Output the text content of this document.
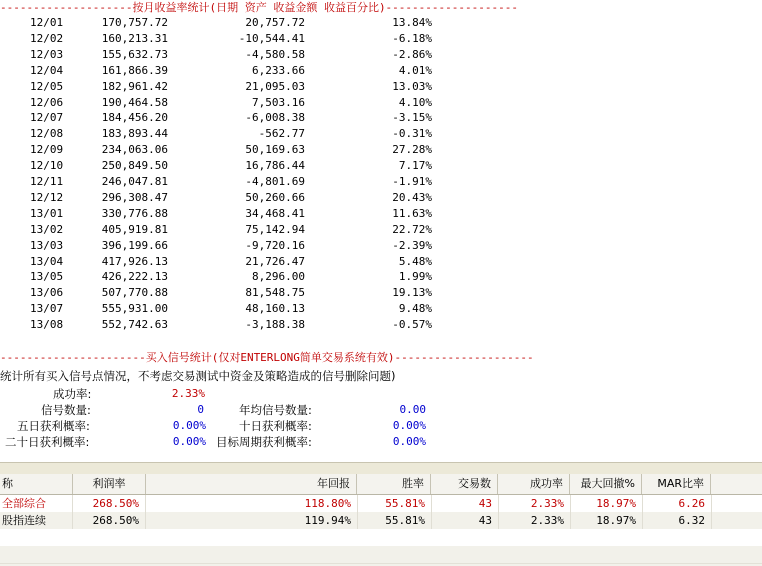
--------------------按月收益率统计(日期 资产 收益金额 收益百分比)--------------------
12/01	170,757.72	20,757.72	13.84%
12/02	160,213.31	-10,544.41	-6.18%
12/03	155,632.73	-4,580.58	-2.86%
12/04	161,866.39	6,233.66	4.01%
12/05	182,961.42	21,095.03	13.03%
12/06	190,464.58	7,503.16	4.10%
12/07	184,456.20	-6,008.38	-3.15%
12/08	183,893.44	-562.77	-0.31%
12/09	234,063.06	50,169.63	27.28%
12/10	250,849.50	16,786.44	7.17%
12/11	246,047.81	-4,801.69	-1.91%
12/12	296,308.47	50,260.66	20.43%
13/01	330,776.88	34,468.41	11.63%
13/02	405,919.81	75,142.94	22.72%
13/03	396,199.66	-9,720.16	-2.39%
13/04	417,926.13	21,726.47	5.48%
13/05	426,222.13	8,296.00	1.99%
13/06	507,770.88	81,548.75	19.13%
13/07	555,931.00	48,160.13	9.48%
13/08	552,742.63	-3,188.38	-0.57%
----------------------买入信号统计(仅对ENTERLONG简单交易系统有效)---------------------
统计所有买入信号点情况，不考虑交易测试中资金及策略造成的信号删除问题)
成功率:	2.33%
信号数量:	0	年均信号数量:	0.00
五日获利概率:	0.00%	十日获利概率:	0.00%
二十日获利概率:	0.00% 目标周期获利概率:	0.00%
称	利润率	年回报	胜率	交易数	成功率	最大回撤%	MAR比率
全部综合	268.50%	118.80%	55.81%	43	2.33%	18.97%	6.26
股指连续	268.50%	119.94%	55.81%	43	2.33%	18.97%	6.32
